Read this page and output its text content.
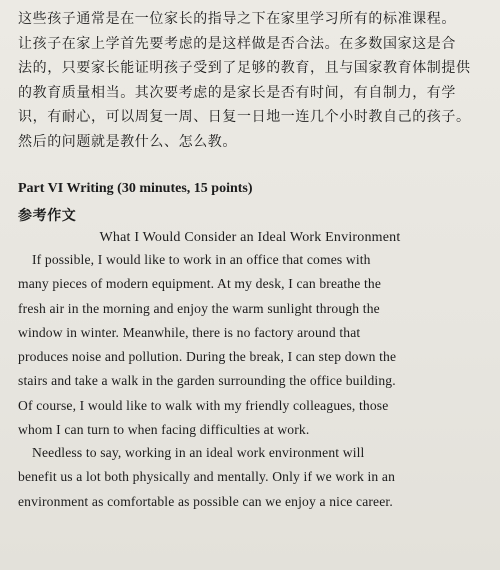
这些孩子通常是在一位家长的指导之下在家里学习所有的标准课程。
让孩子在家上学首先要考虑的是这样做是否合法。在多数国家这是合
法的，只要家长能证明孩子受到了足够的教育，且与国家教育体制提供
的教育质量相当。其次要考虑的是家长是否有时间，有自制力，有学
识，有耐心，可以周复一周、日复一日地一连几个小时教自己的孩子。
然后的问题就是教什么、怎么教。
Part VI Writing (30 minutes, 15 points)
参考作文
What I Would Consider an Ideal Work Environment
If possible, I would like to work in an office that comes with
many pieces of modern equipment. At my desk, I can breathe the
fresh air in the morning and enjoy the warm sunlight through the
window in winter. Meanwhile, there is no factory around that
produces noise and pollution. During the break, I can step down the
stairs and take a walk in the garden surrounding the office building.
Of course, I would like to walk with my friendly colleagues, those
whom I can turn to when facing difficulties at work.
Needless to say, working in an ideal work environment will
benefit us a lot both physically and mentally. Only if we work in an
environment as comfortable as possible can we enjoy a nice career.
